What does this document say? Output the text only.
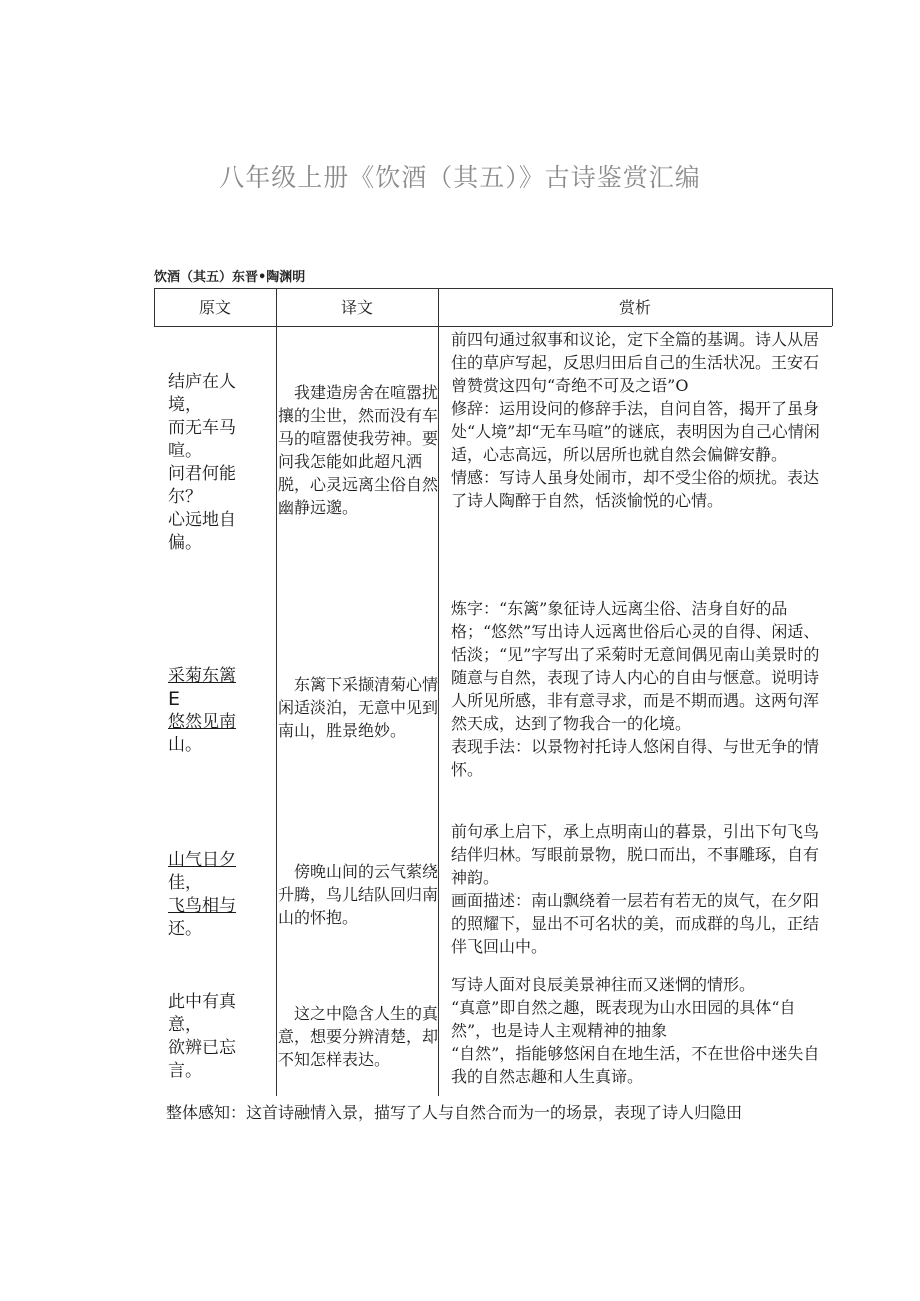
八年级上册《饮酒（其五）》古诗鉴赏汇编
饮酒（其五）东晋•陶渊明
原文	译文	赏析
结庐在人
境，
而无车马
喧。
问君何能
尔？
心远地自
偏。
我建造房舍在喧嚣扰攘的尘世，然而没有车马的喧嚣使我劳神。要问我怎能如此超凡洒脱，心灵远离尘俗自然幽静远邈。

前四句通过叙事和议论，定下全篇的基调。诗人从居住的草庐写起，反思归田后自己的生活状况。王安石曾赞赏这四句“奇绝不可及之语”O

修辞：运用设问的修辞手法，自问自答，揭开了虽身处“人境”却“无车马喧”的谜底，表明因为自己心情闲适，心志高远，所以居所也就自然会偏僻安静。

情感：写诗人虽身处闹市，却不受尘俗的烦扰。表达了诗人陶醉于自然，恬淡愉悦的心情。

采菊东篱
E
悠然见南
山。
东篱下采撷清菊心情闲适淡泊，无意中见到南山，胜景绝妙。

炼字：“东篱”象征诗人远离尘俗、洁身自好的品格；“悠然”写出诗人远离世俗后心灵的自得、闲适、恬淡；“见”字写出了采菊时无意间偶见南山美景时的随意与自然，表现了诗人内心的自由与惬意。说明诗人所见所感，非有意寻求，而是不期而遇。这两句浑然天成，达到了物我合一的化境。

表现手法：以景物衬托诗人悠闲自得、与世无争的情怀。

山气日夕
佳，
飞鸟相与
还。
傍晚山间的云气萦绕升腾，鸟儿结队回归南山的怀抱。

前句承上启下，承上点明南山的暮景，引出下句飞鸟结伴归林。写眼前景物，脱口而出，不事雕琢，自有神韵。

画面描述：南山飘绕着一层若有若无的岚气，在夕阳的照耀下，显出不可名状的美，而成群的鸟儿，正结伴飞回山中。

此中有真
意，
欲辨已忘
言。
这之中隐含人生的真意，想要分辨清楚，却不知怎样表达。

写诗人面对良辰美景神往而又迷惘的情形。

“真意”即自然之趣，既表现为山水田园的具体“自然”，也是诗人主观精神的抽象

“自然”，指能够悠闲自在地生活，不在世俗中迷失自我的自然志趣和人生真谛。

整体感知：这首诗融情入景，描写了人与自然合而为一的场景，表现了诗人归隐田
